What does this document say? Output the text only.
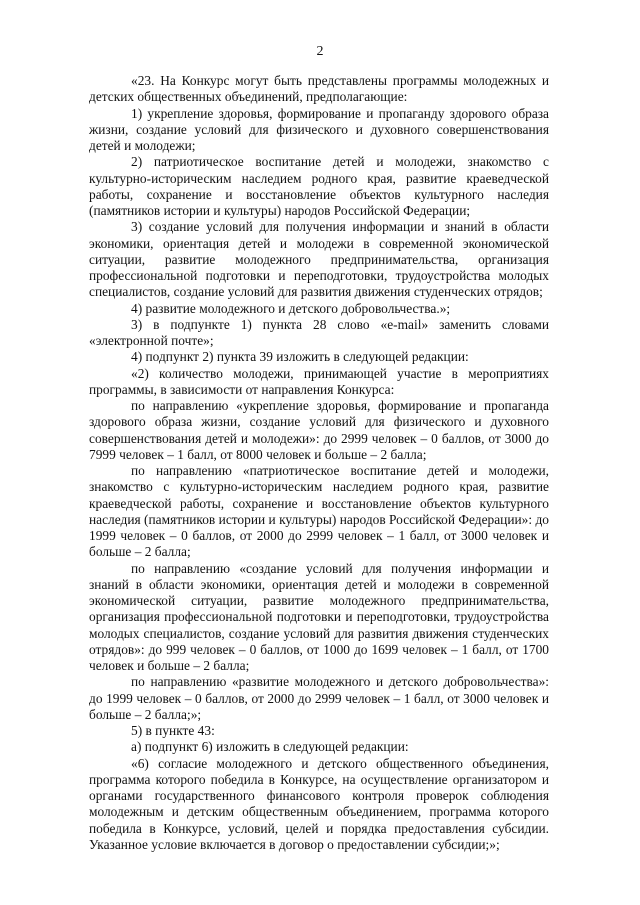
2

«23. На Конкурс могут быть представлены программы молодежных и детских общественных объединений, предполагающие:

1) укрепление здоровья, формирование и пропаганду здорового образа жизни, создание условий для физического и духовного совершенствования детей и молодежи;

2) патриотическое воспитание детей и молодежи, знакомство с культурно-историческим наследием родного края, развитие краеведческой работы, сохранение и восстановление объектов культурного наследия (памятников истории и культуры) народов Российской Федерации;

3) создание условий для получения информации и знаний в области экономики, ориентация детей и молодежи в современной экономической ситуации, развитие молодежного предпринимательства, организация профессиональной подготовки и переподготовки, трудоустройства молодых специалистов, создание условий для развития движения студенческих отрядов;

4) развитие молодежного и детского добровольчества.»;

3) в подпункте 1) пункта 28 слово «e-mail» заменить словами «электронной почте»;

4) подпункт 2) пункта 39 изложить в следующей редакции:

«2) количество молодежи, принимающей участие в мероприятиях программы, в зависимости от направления Конкурса:

по направлению «укрепление здоровья, формирование и пропаганда здорового образа жизни, создание условий для физического и духовного совершенствования детей и молодежи»: до 2999 человек – 0 баллов, от 3000 до 7999 человек – 1 балл, от 8000 человек и больше – 2 балла;

по направлению «патриотическое воспитание детей и молодежи, знакомство с культурно-историческим наследием родного края, развитие краеведческой работы, сохранение и восстановление объектов культурного наследия (памятников истории и культуры) народов Российской Федерации»: до 1999 человек – 0 баллов, от 2000 до 2999 человек – 1 балл, от 3000 человек и больше – 2 балла;

по направлению «создание условий для получения информации и знаний в области экономики, ориентация детей и молодежи в современной экономической ситуации, развитие молодежного предпринимательства, организация профессиональной подготовки и переподготовки, трудоустройства молодых специалистов, создание условий для развития движения студенческих отрядов»: до 999 человек – 0 баллов, от 1000 до 1699 человек – 1 балл, от 1700 человек и больше – 2 балла;

по направлению «развитие молодежного и детского добровольчества»: до 1999 человек – 0 баллов, от 2000 до 2999 человек – 1 балл, от 3000 человек и больше – 2 балла;»;

5) в пункте 43:

а) подпункт 6) изложить в следующей редакции:

«6) согласие молодежного и детского общественного объединения, программа которого победила в Конкурсе, на осуществление организатором и органами государственного финансового контроля проверок соблюдения молодежным и детским общественным объединением, программа которого победила в Конкурсе, условий, целей и порядка предоставления субсидии. Указанное условие включается в договор о предоставлении субсидии;»;
